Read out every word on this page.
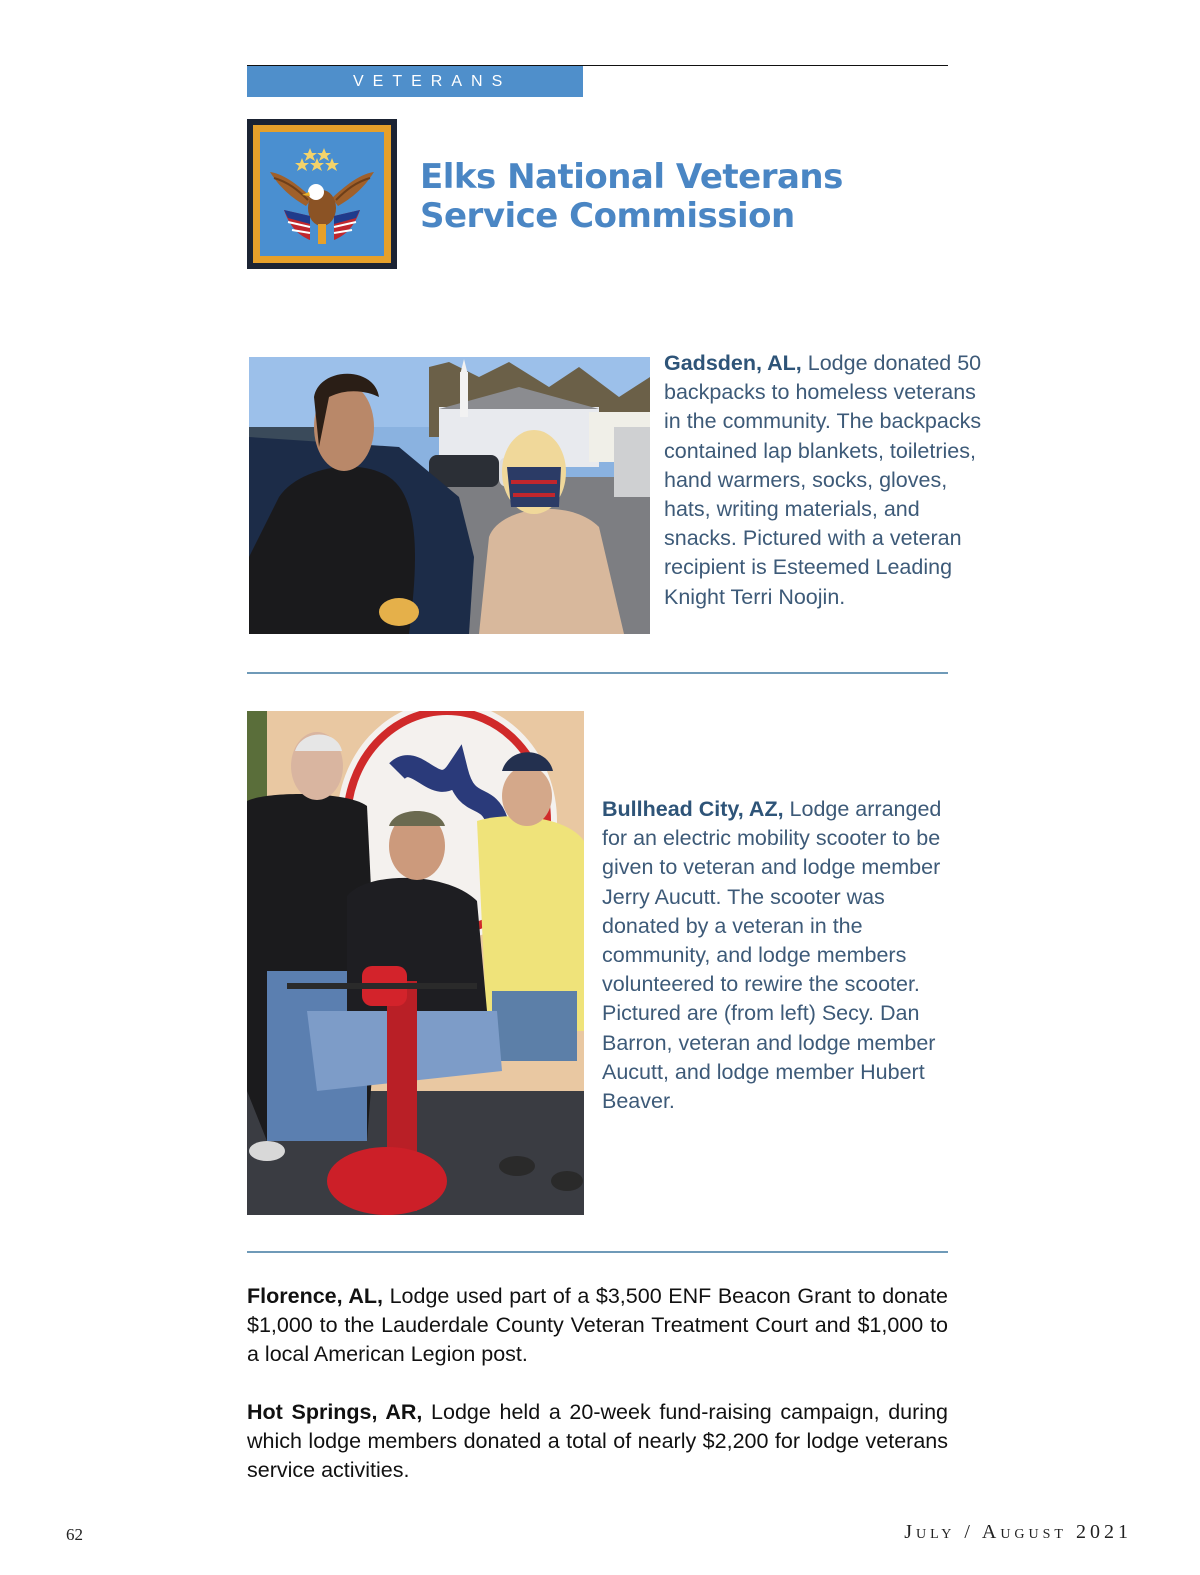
VETERANS
Elks National Veterans
Service Commission

Gadsden, AL, Lodge donated 50 backpacks to homeless veterans in the community. The backpacks contained lap blankets, toiletries, hand warmers, socks, gloves, hats, writing materials, and snacks. Pictured with a veteran recipient is Esteemed Leading Knight Terri Noojin.

Bullhead City, AZ, Lodge arranged for an electric mobility scooter to be given to veteran and lodge member Jerry Aucutt. The scooter was donated by a veteran in the community, and lodge members volunteered to rewire the scooter. Pictured are (from left) Secy. Dan Barron, veteran and lodge member Aucutt, and lodge member Hubert Beaver.

Florence, AL, Lodge used part of a $3,500 ENF Beacon Grant to donate $1,000 to the Lauderdale County Veteran Treatment Court and $1,000 to a local American Legion post.

Hot Springs, AR, Lodge held a 20-week fund-raising campaign, during which lodge members donated a total of nearly $2,200 for lodge veterans service activities.

62	July / August 2021
